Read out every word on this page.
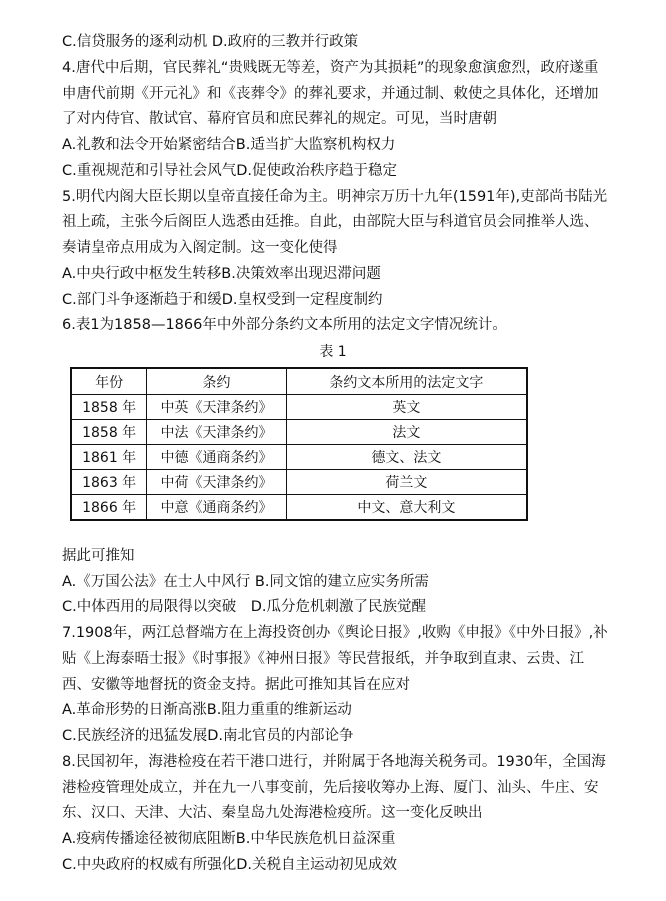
C.信贷服务的逐利动机 D.政府的三教并行政策
4.唐代中后期，官民葬礼“贵贱既无等差，资产为其损耗”的现象愈演愈烈，政府遂重
申唐代前期《开元礼》和《丧葬令》的葬礼要求，并通过制、敕使之具体化，还增加
了对内侍官、散试官、幕府官员和庶民葬礼的规定。可见，当时唐朝
A.礼教和法令开始紧密结合B.适当扩大监察机构权力
C.重视规范和引导社会风气D.促使政治秩序趋于稳定
5.明代内阁大臣长期以皇帝直接任命为主。明神宗万历十九年(1591年),吏部尚书陆光
祖上疏，主张今后阁臣人选悉由廷推。自此，由部院大臣与科道官员会同推举人选、
奏请皇帝点用成为入阁定制。这一变化使得
A.中央行政中枢发生转移B.决策效率出现迟滞问题
C.部门斗争逐渐趋于和缓D.皇权受到一定程度制约
6.表1为1858—1866年中外部分条约文本所用的法定文字情况统计。
表 1
年份	条约	条约文本所用的法定文字
1858 年	中英《天津条约》	英文
1858 年	中法《天津条约》	法文
1861 年	中德《通商条约》	德文、法文
1863 年	中荷《天津条约》	荷兰文
1866 年	中意《通商条约》	中文、意大利文
据此可推知
A.《万国公法》在士人中风行 B.同文馆的建立应实务所需
C.中体西用的局限得以突破　D.瓜分危机刺激了民族觉醒
7.1908年，两江总督端方在上海投资创办《舆论日报》,收购《申报》《中外日报》,补
贴《上海泰晤士报》《时事报》《神州日报》等民营报纸，并争取到直隶、云贵、江
西、安徽等地督抚的资金支持。据此可推知其旨在应对
A.革命形势的日渐高涨B.阻力重重的维新运动
C.民族经济的迅猛发展D.南北官员的内部论争
8.民国初年，海港检疫在若干港口进行，并附属于各地海关税务司。1930年，全国海
港检疫管理处成立，并在九一八事变前，先后接收筹办上海、厦门、汕头、牛庄、安
东、汉口、天津、大沽、秦皇岛九处海港检疫所。这一变化反映出
A.疫病传播途径被彻底阻断B.中华民族危机日益深重
C.中央政府的权威有所强化D.关税自主运动初见成效
